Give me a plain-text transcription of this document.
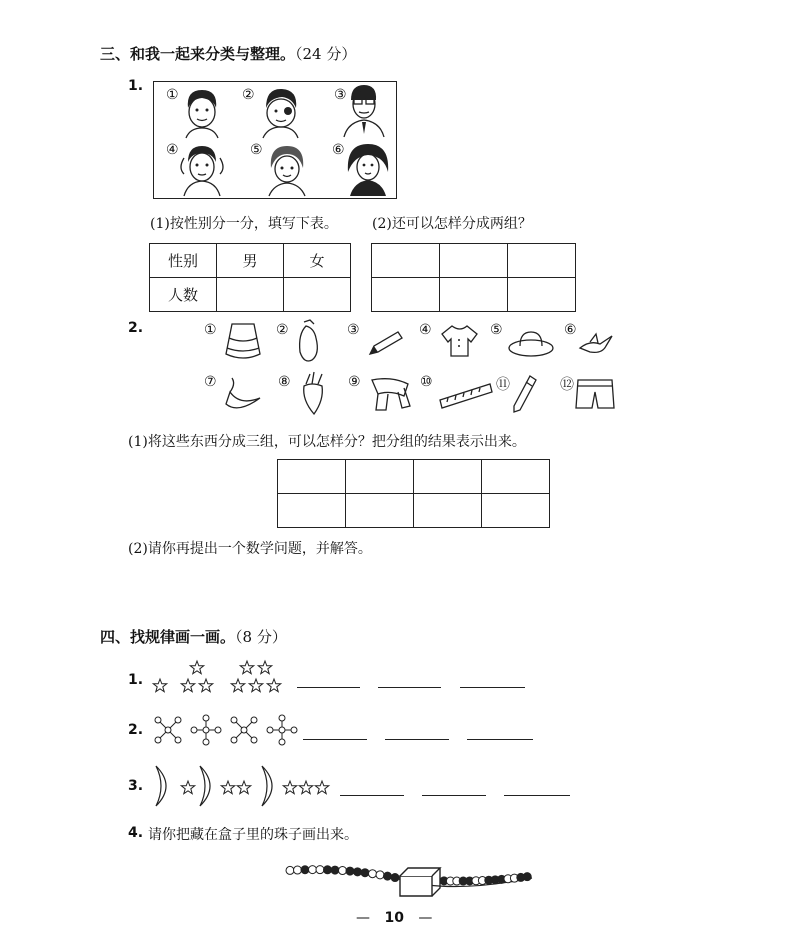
三、和我一起来分类与整理。（24 分）
1.
①	②	③
④	⑤	⑥
(1)按性别分一分，填写下表。 (2)还可以怎样分成两组？
性别	男	女
人数		

2.	①	②	③	④	⑤	⑥
⑦	⑧	⑨	⑩	⑪	⑫
(1)将这些东西分成三组，可以怎样分？把分组的结果表示出来。

(2)请你再提出一个数学问题，并解答。
四、找规律画一画。（8 分）
1.
2.
3.
4. 请你把藏在盒子里的珠子画出来。
— 10 —
